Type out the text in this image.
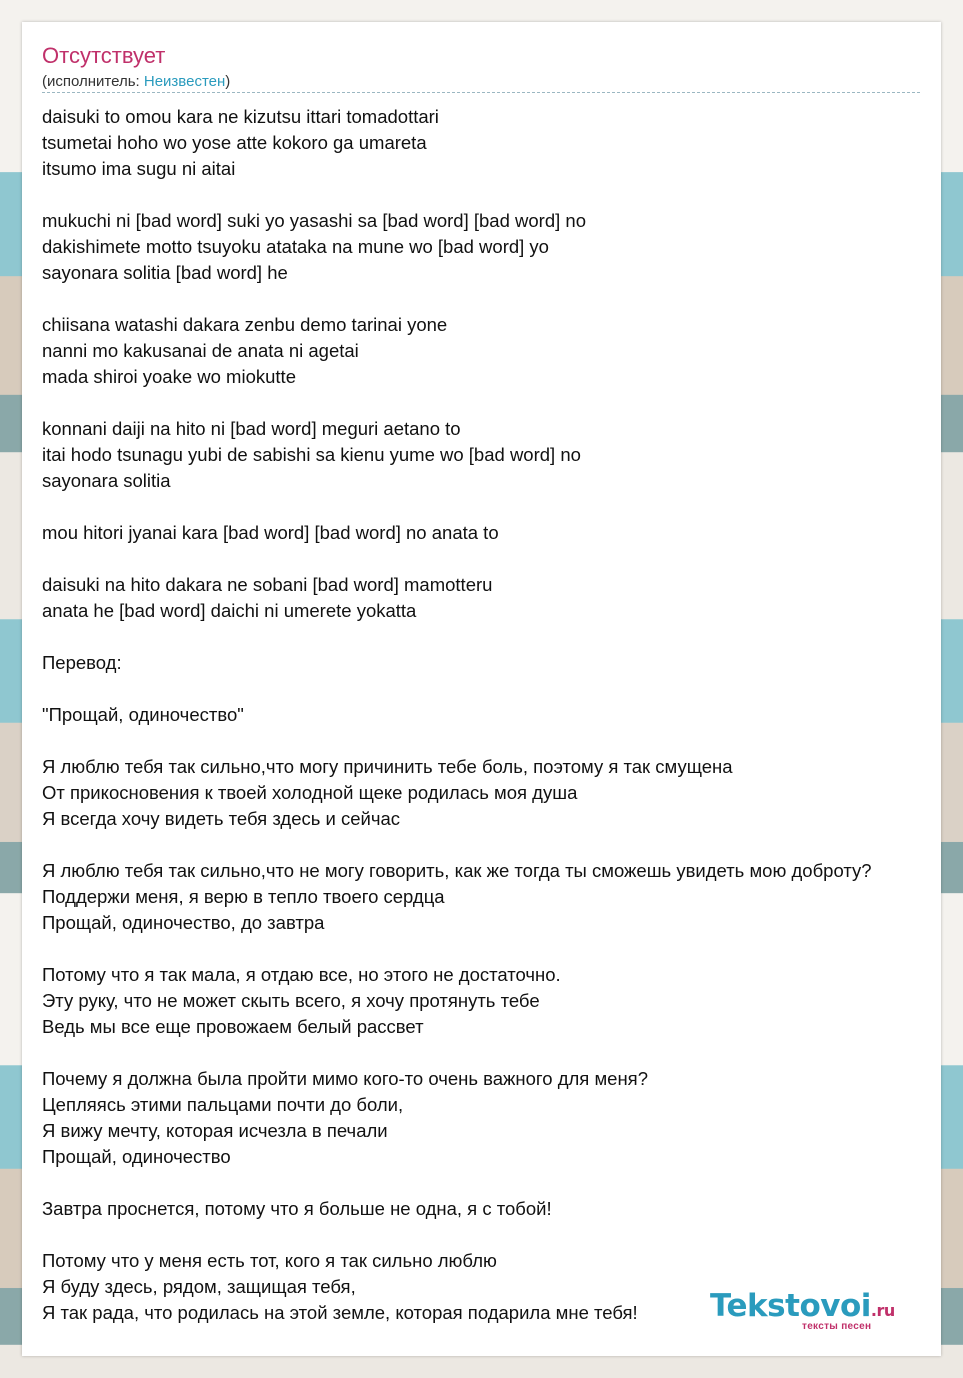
Отсутствует
(исполнитель: Неизвестен)
daisuki to omou kara ne kizutsu ittari tomadottari
tsumetai hoho wo yose atte kokoro ga umareta
itsumo ima sugu ni aitai
mukuchi ni [bad word] suki yo yasashi sa [bad word] [bad word] no
dakishimete motto tsuyoku atataka na mune wo [bad word] yo
sayonara solitia [bad word] he
chiisana watashi dakara zenbu demo tarinai yone
nanni mo kakusanai de anata ni agetai
mada shiroi yoake wo miokutte
konnani daiji na hito ni [bad word] meguri aetano to
itai hodo tsunagu yubi de sabishi sa kienu yume wo [bad word] no
sayonara solitia
mou hitori jyanai kara [bad word] [bad word] no anata to
daisuki na hito dakara ne sobani [bad word] mamotteru
anata he [bad word] daichi ni umerete yokatta
Перевод:
"Прощай, одиночество"
Я люблю тебя так сильно,что могу причинить тебе боль, поэтому я так смущена
От прикосновения к твоей холодной щеке родилась моя душа
Я всегда хочу видеть тебя здесь и сейчас
Я люблю тебя так сильно,что не могу говорить, как же тогда ты сможешь увидеть мою доброту?
Поддержи меня, я верю в тепло твоего сердца
Прощай, одиночество, до завтра
Потому что я так мала, я отдаю все, но этого не достаточно.
Эту руку, что не может скыть всего, я хочу протянуть тебе
Ведь мы все еще провожаем белый рассвет
Почему я должна была пройти мимо кого-то очень важного для меня?
Цепляясь этими пальцами почти до боли,
Я вижу мечту, которая исчезла в печали
Прощай, одиночество
Завтра проснется, потому что я больше не одна, я с тобой!
Потому что у меня есть тот, кого я так сильно люблю
Я буду здесь, рядом, защищая тебя,
Я так рада, что родилась на этой земле, которая подарила мне тебя!	Tekstovoi.ru
тексты песен
